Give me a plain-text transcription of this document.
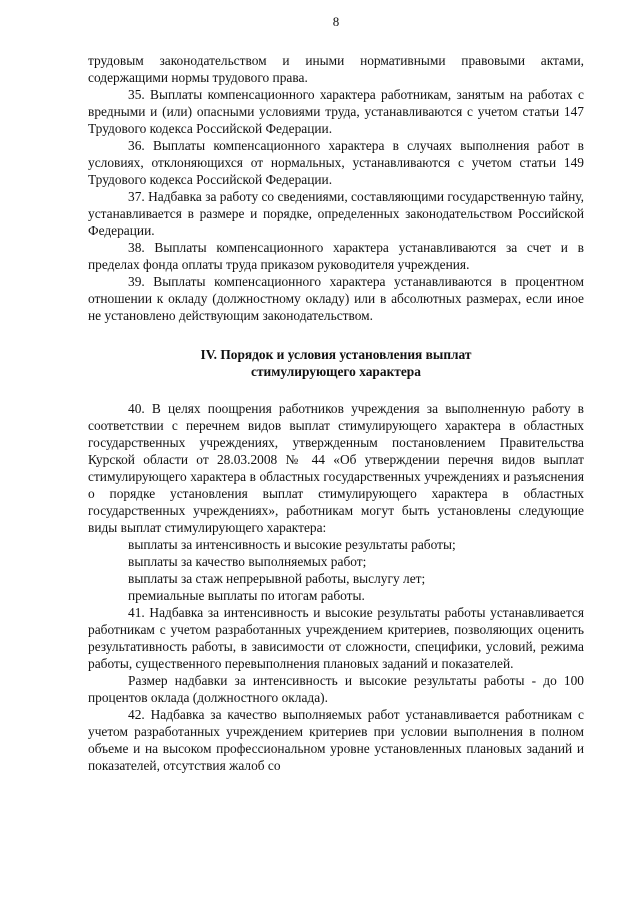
8

трудовым законодательством и иными нормативными правовыми актами, содержащими нормы трудового права.

35. Выплаты компенсационного характера работникам, занятым на работах с вредными и (или) опасными условиями труда, устанавливаются с учетом статьи 147 Трудового кодекса Российской Федерации.

36. Выплаты компенсационного характера в случаях выполнения работ в условиях, отклоняющихся от нормальных, устанавливаются с учетом статьи 149 Трудового кодекса Российской Федерации.

37. Надбавка за работу со сведениями, составляющими государственную тайну, устанавливается в размере и порядке, определенных законодательством Российской Федерации.

38. Выплаты компенсационного характера устанавливаются за счет и в пределах фонда оплаты труда приказом руководителя учреждения.

39. Выплаты компенсационного характера устанавливаются в процентном отношении к окладу (должностному окладу) или в абсолютных размерах, если иное не установлено действующим законодательством.

IV. Порядок и условия установления выплат
стимулирующего характера

40. В целях поощрения работников учреждения за выполненную работу в соответствии с перечнем видов выплат стимулирующего характера в областных государственных учреждениях, утвержденным постановлением Правительства Курской области от 28.03.2008 № 44 «Об утверждении перечня видов выплат стимулирующего характера в областных государственных учреждениях и разъяснения о порядке установления выплат стимулирующего характера в областных государственных учреждениях», работникам могут быть установлены следующие виды выплат стимулирующего характера:

выплаты за интенсивность и высокие результаты работы;

выплаты за качество выполняемых работ;

выплаты за стаж непрерывной работы, выслугу лет;

премиальные выплаты по итогам работы.

41. Надбавка за интенсивность и высокие результаты работы устанавливается работникам с учетом разработанных учреждением критериев, позволяющих оценить результативность работы, в зависимости от сложности, специфики, условий, режима работы, существенного перевыполнения плановых заданий и показателей.

Размер надбавки за интенсивность и высокие результаты работы - до 100 процентов оклада (должностного оклада).

42. Надбавка за качество выполняемых работ устанавливается работникам с учетом разработанных учреждением критериев при условии выполнения в полном объеме и на высоком профессиональном уровне установленных плановых заданий и показателей, отсутствия жалоб со
